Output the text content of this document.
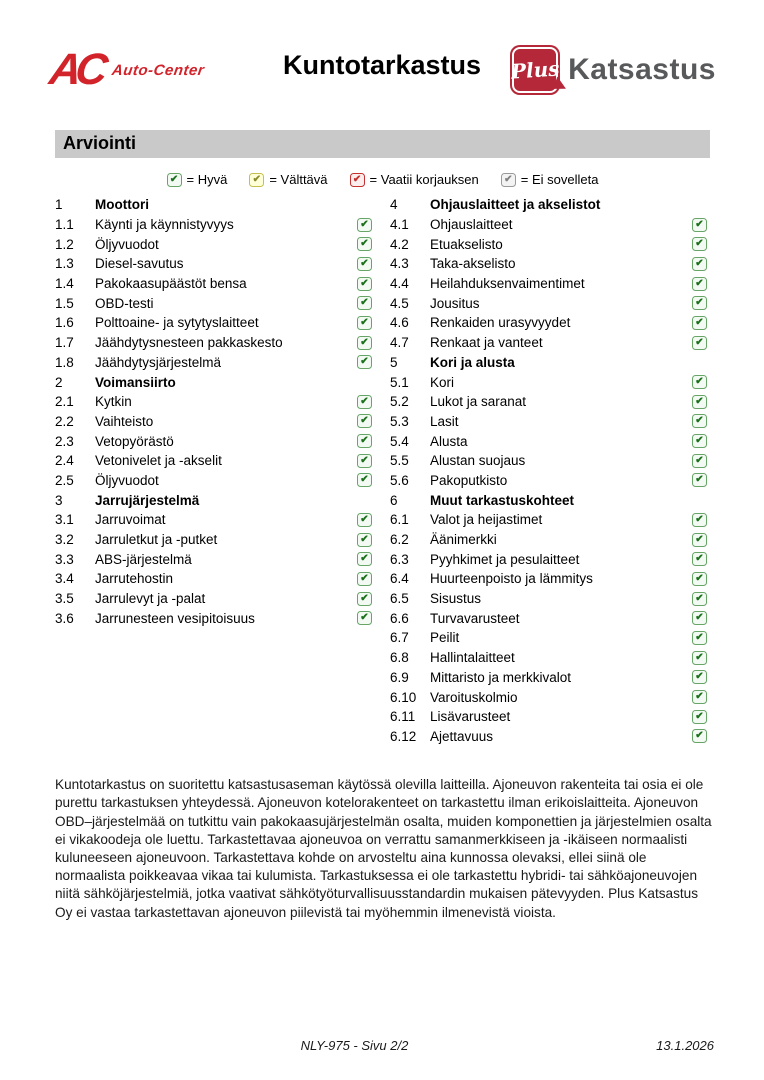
AC Auto-Center	Plus Katsastus
Kuntotarkastus
Arviointi
✔ = Hyvä	✔ = Välttävä	✔ = Vaatii korjauksen	✔ = Ei sovelleta
1	Moottori
1.1	Käynti ja käynnistyvyys	✔
1.2	Öljyvuodot	✔
1.3	Diesel-savutus	✔
1.4	Pakokaasupäästöt bensa	✔
1.5	OBD-testi	✔
1.6	Polttoaine- ja sytytyslaitteet	✔
1.7	Jäähdytysnesteen pakkaskesto	✔
1.8	Jäähdytysjärjestelmä	✔
2	Voimansiirto
2.1	Kytkin	✔
2.2	Vaihteisto	✔
2.3	Vetopyörästö	✔
2.4	Vetonivelet ja -akselit	✔
2.5	Öljyvuodot	✔
3	Jarrujärjestelmä
3.1	Jarruvoimat	✔
3.2	Jarruletkut ja -putket	✔
3.3	ABS-järjestelmä	✔
3.4	Jarrutehostin	✔
3.5	Jarrulevyt ja -palat	✔
3.6	Jarrunesteen vesipitoisuus	✔
4	Ohjauslaitteet ja akselistot
4.1	Ohjauslaitteet	✔
4.2	Etuakselisto	✔
4.3	Taka-akselisto	✔
4.4	Heilahduksenvaimentimet	✔
4.5	Jousitus	✔
4.6	Renkaiden urasyvyydet	✔
4.7	Renkaat ja vanteet	✔
5	Kori ja alusta
5.1	Kori	✔
5.2	Lukot ja saranat	✔
5.3	Lasit	✔
5.4	Alusta	✔
5.5	Alustan suojaus	✔
5.6	Pakoputkisto	✔
6	Muut tarkastuskohteet
6.1	Valot ja heijastimet	✔
6.2	Äänimerkki	✔
6.3	Pyyhkimet ja pesulaitteet	✔
6.4	Huurteenpoisto ja lämmitys	✔
6.5	Sisustus	✔
6.6	Turvavarusteet	✔
6.7	Peilit	✔
6.8	Hallintalaitteet	✔
6.9	Mittaristo ja merkkivalot	✔
6.10	Varoituskolmio	✔
6.11	Lisävarusteet	✔
6.12	Ajettavuus	✔
Kuntotarkastus on suoritettu katsastusaseman käytössä olevilla laitteilla. Ajoneuvon rakenteita tai osia ei ole purettu tarkastuksen yhteydessä. Ajoneuvon kotelorakenteet on tarkastettu ilman erikoislaitteita. Ajoneuvon OBD–järjestelmää on tutkittu vain pakokaasujärjestelmän osalta, muiden komponettien ja järjestelmien osalta ei vikakoodeja ole luettu. Tarkastettavaa ajoneuvoa on verrattu samanmerkkiseen ja -ikäiseen normaalisti kuluneeseen ajoneuvoon. Tarkastettava kohde on arvosteltu aina kunnossa olevaksi, ellei siinä ole normaalista poikkeavaa vikaa tai kulumista. Tarkastuksessa ei ole tarkastettu hybridi- tai sähköajoneuvojen niitä sähköjärjestelmiä, jotka vaativat sähkötyöturvallisuusstandardin mukaisen pätevyyden. Plus Katsastus Oy ei vastaa tarkastettavan ajoneuvon piilevistä tai myöhemmin ilmenevistä vioista.
NLY-975 - Sivu 2/2	13.1.2026
